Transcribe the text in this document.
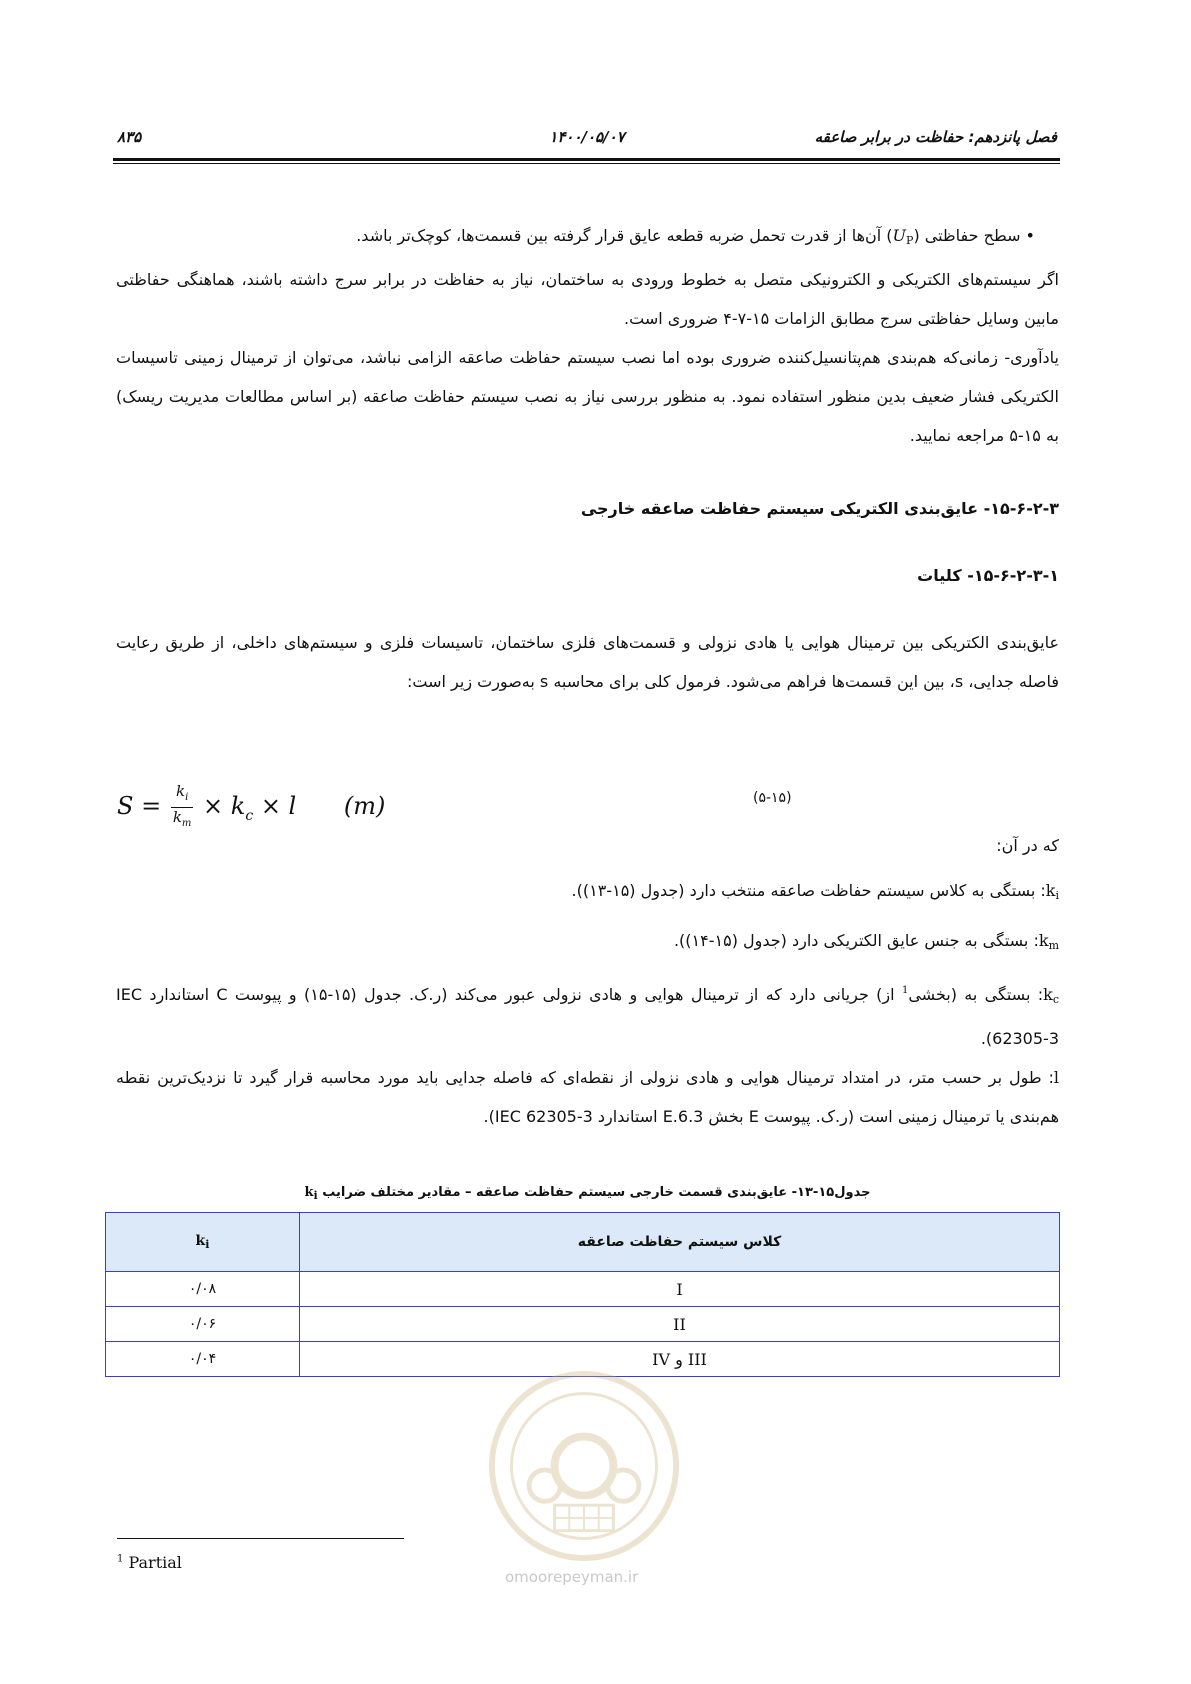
فصل پانزدهم: حفاظت در برابر صاعقه
۱۴۰۰/۰۵/۰۷
۸۳۵

• سطح حفاظتی $(U_P)$ آن‌ها از قدرت تحمل ضربه قطعه عایق قرار گرفته بین قسمت‌ها، کوچک‌تر باشد.

اگر سیستم‌های الکتریکی و الکترونیکی متصل به خطوط ورودی به ساختمان، نیاز به حفاظت در برابر سرج داشته باشند، هماهنگی حفاظتی مابین وسایل حفاظتی سرج مطابق الزامات ۱۵-۷-۴ ضروری است.

یادآوری- زمانی‌که هم‌بندی هم‌پتانسیل‌کننده ضروری بوده اما نصب سیستم حفاظت صاعقه الزامی نباشد، می‌توان از ترمینال زمینی تاسیسات الکتریکی فشار ضعیف بدین منظور استفاده نمود. به منظور بررسی نیاز به نصب سیستم حفاظت صاعقه (بر اساس مطالعات مدیریت ریسک) به ۱۵-۵ مراجعه نمایید.

۱۵-۶-۲-۳- عایق‌بندی الکتریکی سیستم حفاظت صاعقه خارجی

۱۵-۶-۲-۳-۱- کلیات

عایق‌بندی الکتریکی بین ترمینال هوایی یا هادی نزولی و قسمت‌های فلزی ساختمان، تاسیسات فلزی و سیستم‌های داخلی، از طریق رعایت فاصله جدایی، s، بین این قسمت‌ها فراهم می‌شود. فرمول کلی برای محاسبه s به‌صورت زیر است:

$S = \frac{k_i}{k_m} \times k_c \times l$ (m)	(۵-۱۵)

که در آن:

$k_i$: بستگی به کلاس سیستم حفاظت صاعقه منتخب دارد (جدول (۱۵-۱۳)).

$k_m$: بستگی به جنس عایق الکتریکی دارد (جدول (۱۵-۱۴)).

$k_c$: بستگی به (بخشی$^1$ از) جریانی دارد که از ترمینال هوایی و هادی نزولی عبور می‌کند (ر.ک. جدول (۱۵-۱۵) و پیوست C استاندارد IEC 62305-3).

l: طول بر حسب متر، در امتداد ترمینال هوایی و هادی نزولی از نقطه‌ای که فاصله جدایی باید مورد محاسبه قرار گیرد تا نزدیک‌ترین نقطه هم‌بندی یا ترمینال زمینی است (ر.ک. پیوست E بخش E.6.3 استاندارد IEC 62305-3).

جدول۱۵-۱۳- عایق‌بندی قسمت خارجی سیستم حفاظت صاعقه – مقادیر مختلف ضرایب $k_i$
کلاس سیستم حفاظت صاعقه	$k_i$
I	۰/۰۸
II	۰/۰۶
III و IV	۰/۰۴
omoorepeyman.ir
$^1$ Partial
